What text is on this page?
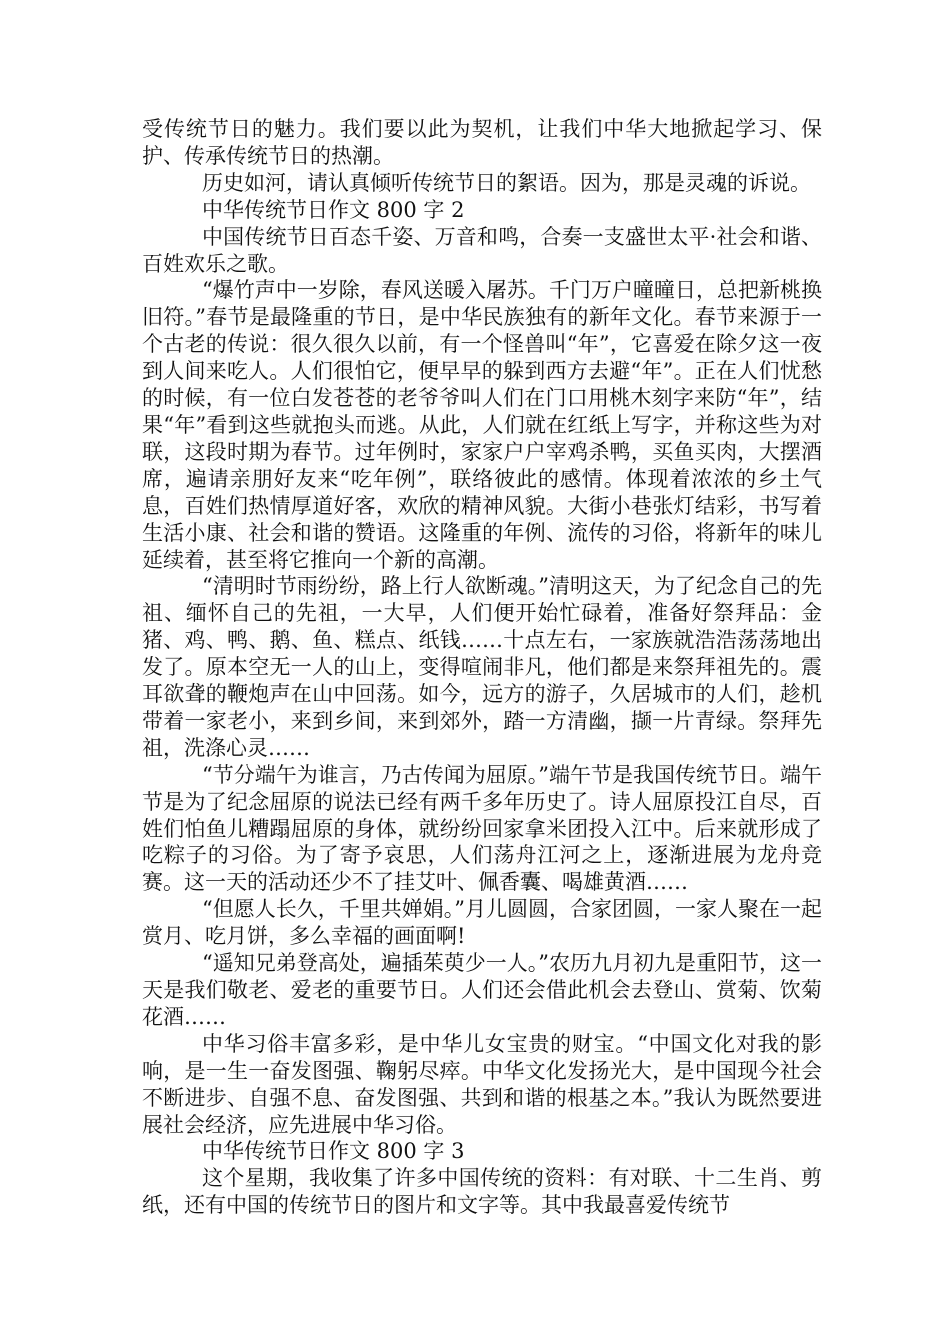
受传统节日的魅力。我们要以此为契机，让我们中华大地掀起学习、保护、传承传统节日的热潮。

历史如河，请认真倾听传统节日的絮语。因为，那是灵魂的诉说。

中华传统节日作文 800 字 2

中国传统节日百态千姿、万音和鸣，合奏一支盛世太平·社会和谐、百姓欢乐之歌。

“爆竹声中一岁除，春风送暖入屠苏。千门万户曈曈日，总把新桃换旧符。”春节是最隆重的节日，是中华民族独有的新年文化。春节来源于一个古老的传说：很久很久以前，有一个怪兽叫“年”，它喜爱在除夕这一夜到人间来吃人。人们很怕它，便早早的躲到西方去避“年”。正在人们忧愁的时候，有一位白发苍苍的老爷爷叫人们在门口用桃木刻字来防“年”，结果“年”看到这些就抱头而逃。从此，人们就在红纸上写字，并称这些为对联，这段时期为春节。过年例时，家家户户宰鸡杀鸭，买鱼买肉，大摆酒席，遍请亲朋好友来“吃年例”，联络彼此的感情。体现着浓浓的乡土气息，百姓们热情厚道好客，欢欣的精神风貌。大街小巷张灯结彩，书写着生活小康、社会和谐的赞语。这隆重的年例、流传的习俗，将新年的味儿延续着，甚至将它推向一个新的高潮。

“清明时节雨纷纷，路上行人欲断魂。”清明这天，为了纪念自己的先祖、缅怀自己的先祖，一大早，人们便开始忙碌着，准备好祭拜品：金猪、鸡、鸭、鹅、鱼、糕点、纸钱……十点左右，一家族就浩浩荡荡地出发了。原本空无一人的山上，变得喧闹非凡，他们都是来祭拜祖先的。震耳欲聋的鞭炮声在山中回荡。如今，远方的游子，久居城市的人们，趁机带着一家老小，来到乡间，来到郊外，踏一方清幽，撷一片青绿。祭拜先祖，洗涤心灵……

“节分端午为谁言，乃古传闻为屈原。”端午节是我国传统节日。端午节是为了纪念屈原的说法已经有两千多年历史了。诗人屈原投江自尽，百姓们怕鱼儿糟蹋屈原的身体，就纷纷回家拿米团投入江中。后来就形成了吃粽子的习俗。为了寄予哀思，人们荡舟江河之上，逐渐进展为龙舟竞赛。这一天的活动还少不了挂艾叶、佩香囊、喝雄黄酒……

“但愿人长久，千里共婵娟。”月儿圆圆，合家团圆，一家人聚在一起赏月、吃月饼，多么幸福的画面啊!

“遥知兄弟登高处，遍插茱萸少一人。”农历九月初九是重阳节，这一天是我们敬老、爱老的重要节日。人们还会借此机会去登山、赏菊、饮菊花酒……

中华习俗丰富多彩，是中华儿女宝贵的财宝。“中国文化对我的影响，是一生一奋发图强、鞠躬尽瘁。中华文化发扬光大，是中国现今社会不断进步、自强不息、奋发图强、共到和谐的根基之本。”我认为既然要进展社会经济，应先进展中华习俗。

中华传统节日作文 800 字 3

这个星期，我收集了许多中国传统的资料：有对联、十二生肖、剪纸，还有中国的传统节日的图片和文字等。其中我最喜爱传统节
